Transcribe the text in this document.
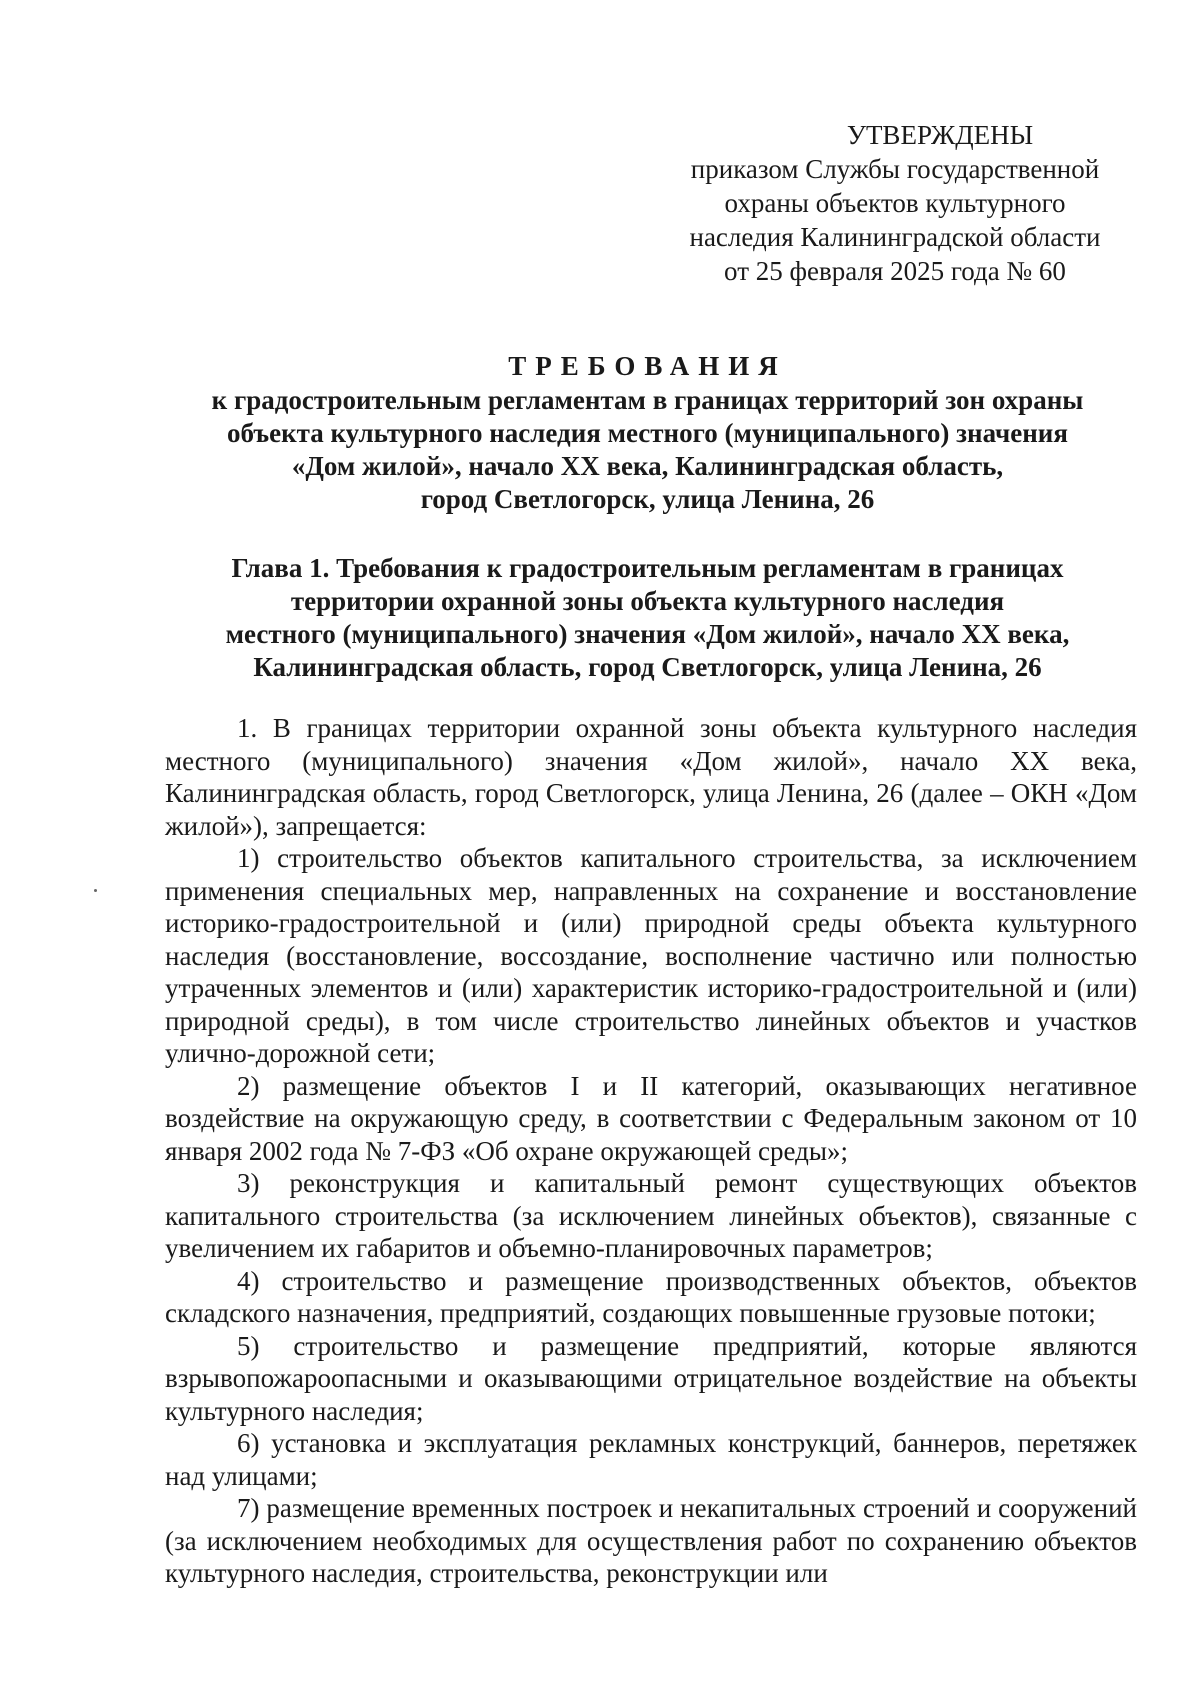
УТВЕРЖДЕНЫ
приказом Службы государственной
охраны объектов культурного
наследия Калининградской области
от 25 февраля 2025 года № 60
ТРЕБОВАНИЯ
к градостроительным регламентам в границах территорий зон охраны
объекта культурного наследия местного (муниципального) значения
«Дом жилой», начало XX века, Калининградская область,
город Светлогорск, улица Ленина, 26
Глава 1. Требования к градостроительным регламентам в границах
территории охранной зоны объекта культурного наследия
местного (муниципального) значения «Дом жилой», начало XX века,
Калининградская область, город Светлогорск, улица Ленина, 26

1. В границах территории охранной зоны объекта культурного наследия местного (муниципального) значения «Дом жилой», начало XX века, Калининградская область, город Светлогорск, улица Ленина, 26 (далее – ОКН «Дом жилой»), запрещается:

1) строительство объектов капитального строительства, за исключением применения специальных мер, направленных на сохранение и восстановление историко-градостроительной и (или) природной среды объекта культурного наследия (восстановление, воссоздание, восполнение частично или полностью утраченных элементов и (или) характеристик историко-градостроительной и (или) природной среды), в том числе строительство линейных объектов и участков улично-дорожной сети;

2) размещение объектов I и II категорий, оказывающих негативное воздействие на окружающую среду, в соответствии с Федеральным законом от 10 января 2002 года № 7-ФЗ «Об охране окружающей среды»;

3) реконструкция и капитальный ремонт существующих объектов капитального строительства (за исключением линейных объектов), связанные с увеличением их габаритов и объемно-планировочных параметров;

4) строительство и размещение производственных объектов, объектов складского назначения, предприятий, создающих повышенные грузовые потоки;

5) строительство и размещение предприятий, которые являются взрывопожароопасными и оказывающими отрицательное воздействие на объекты культурного наследия;

6) установка и эксплуатация рекламных конструкций, баннеров, перетяжек над улицами;

7) размещение временных построек и некапитальных строений и сооружений (за исключением необходимых для осуществления работ по сохранению объектов культурного наследия, строительства, реконструкции или
